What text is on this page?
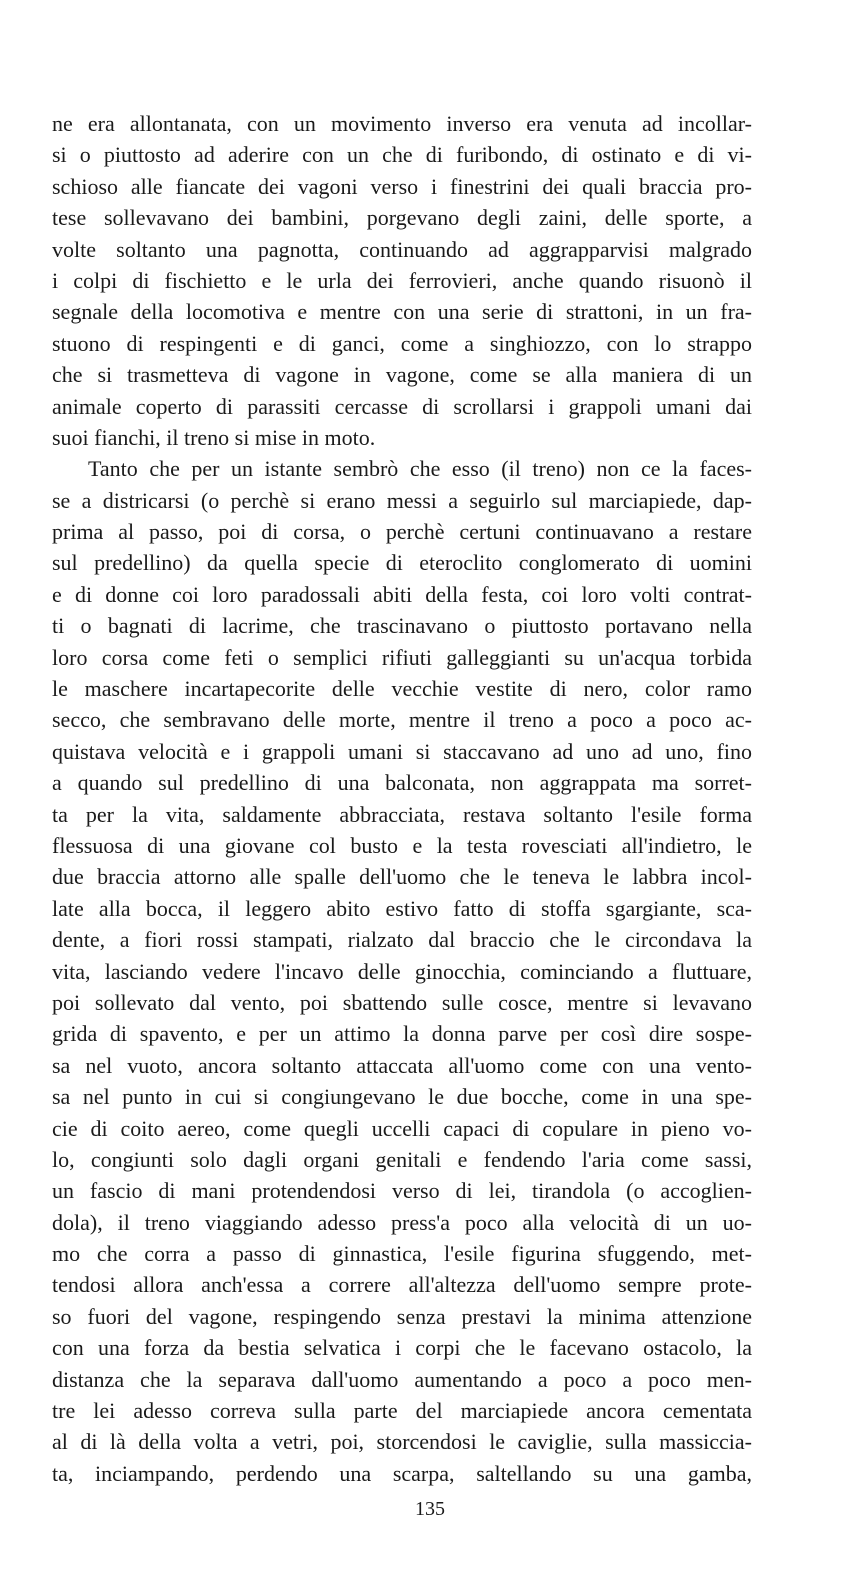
ne era allontanata, con un movimento inverso era venuta ad incollar-
si o piuttosto ad aderire con un che di furibondo, di ostinato e di vi-
schioso alle fiancate dei vagoni verso i finestrini dei quali braccia pro-
tese sollevavano dei bambini, porgevano degli zaini, delle sporte, a
volte soltanto una pagnotta, continuando ad aggrapparvisi malgrado
i colpi di fischietto e le urla dei ferrovieri, anche quando risuonò il
segnale della locomotiva e mentre con una serie di strattoni, in un fra-
stuono di respingenti e di ganci, come a singhiozzo, con lo strappo
che si trasmetteva di vagone in vagone, come se alla maniera di un
animale coperto di parassiti cercasse di scrollarsi i grappoli umani dai
suoi fianchi, il treno si mise in moto.
Tanto che per un istante sembrò che esso (il treno) non ce la faces-
se a districarsi (o perchè si erano messi a seguirlo sul marciapiede, dap-
prima al passo, poi di corsa, o perchè certuni continuavano a restare
sul predellino) da quella specie di eteroclito conglomerato di uomini
e di donne coi loro paradossali abiti della festa, coi loro volti contrat-
ti o bagnati di lacrime, che trascinavano o piuttosto portavano nella
loro corsa come feti o semplici rifiuti galleggianti su un'acqua torbida
le maschere incartapecorite delle vecchie vestite di nero, color ramo
secco, che sembravano delle morte, mentre il treno a poco a poco ac-
quistava velocità e i grappoli umani si staccavano ad uno ad uno, fino
a quando sul predellino di una balconata, non aggrappata ma sorret-
ta per la vita, saldamente abbracciata, restava soltanto l'esile forma
flessuosa di una giovane col busto e la testa rovesciati all'indietro, le
due braccia attorno alle spalle dell'uomo che le teneva le labbra incol-
late alla bocca, il leggero abito estivo fatto di stoffa sgargiante, sca-
dente, a fiori rossi stampati, rialzato dal braccio che le circondava la
vita, lasciando vedere l'incavo delle ginocchia, cominciando a fluttuare,
poi sollevato dal vento, poi sbattendo sulle cosce, mentre si levavano
grida di spavento, e per un attimo la donna parve per così dire sospe-
sa nel vuoto, ancora soltanto attaccata all'uomo come con una vento-
sa nel punto in cui si congiungevano le due bocche, come in una spe-
cie di coito aereo, come quegli uccelli capaci di copulare in pieno vo-
lo, congiunti solo dagli organi genitali e fendendo l'aria come sassi,
un fascio di mani protendendosi verso di lei, tirandola (o accoglien-
dola), il treno viaggiando adesso press'a poco alla velocità di un uo-
mo che corra a passo di ginnastica, l'esile figurina sfuggendo, met-
tendosi allora anch'essa a correre all'altezza dell'uomo sempre prote-
so fuori del vagone, respingendo senza prestavi la minima attenzione
con una forza da bestia selvatica i corpi che le facevano ostacolo, la
distanza che la separava dall'uomo aumentando a poco a poco men-
tre lei adesso correva sulla parte del marciapiede ancora cementata
al di là della volta a vetri, poi, storcendosi le caviglie, sulla massiccia-
ta, inciampando, perdendo una scarpa, saltellando su una gamba,
135
